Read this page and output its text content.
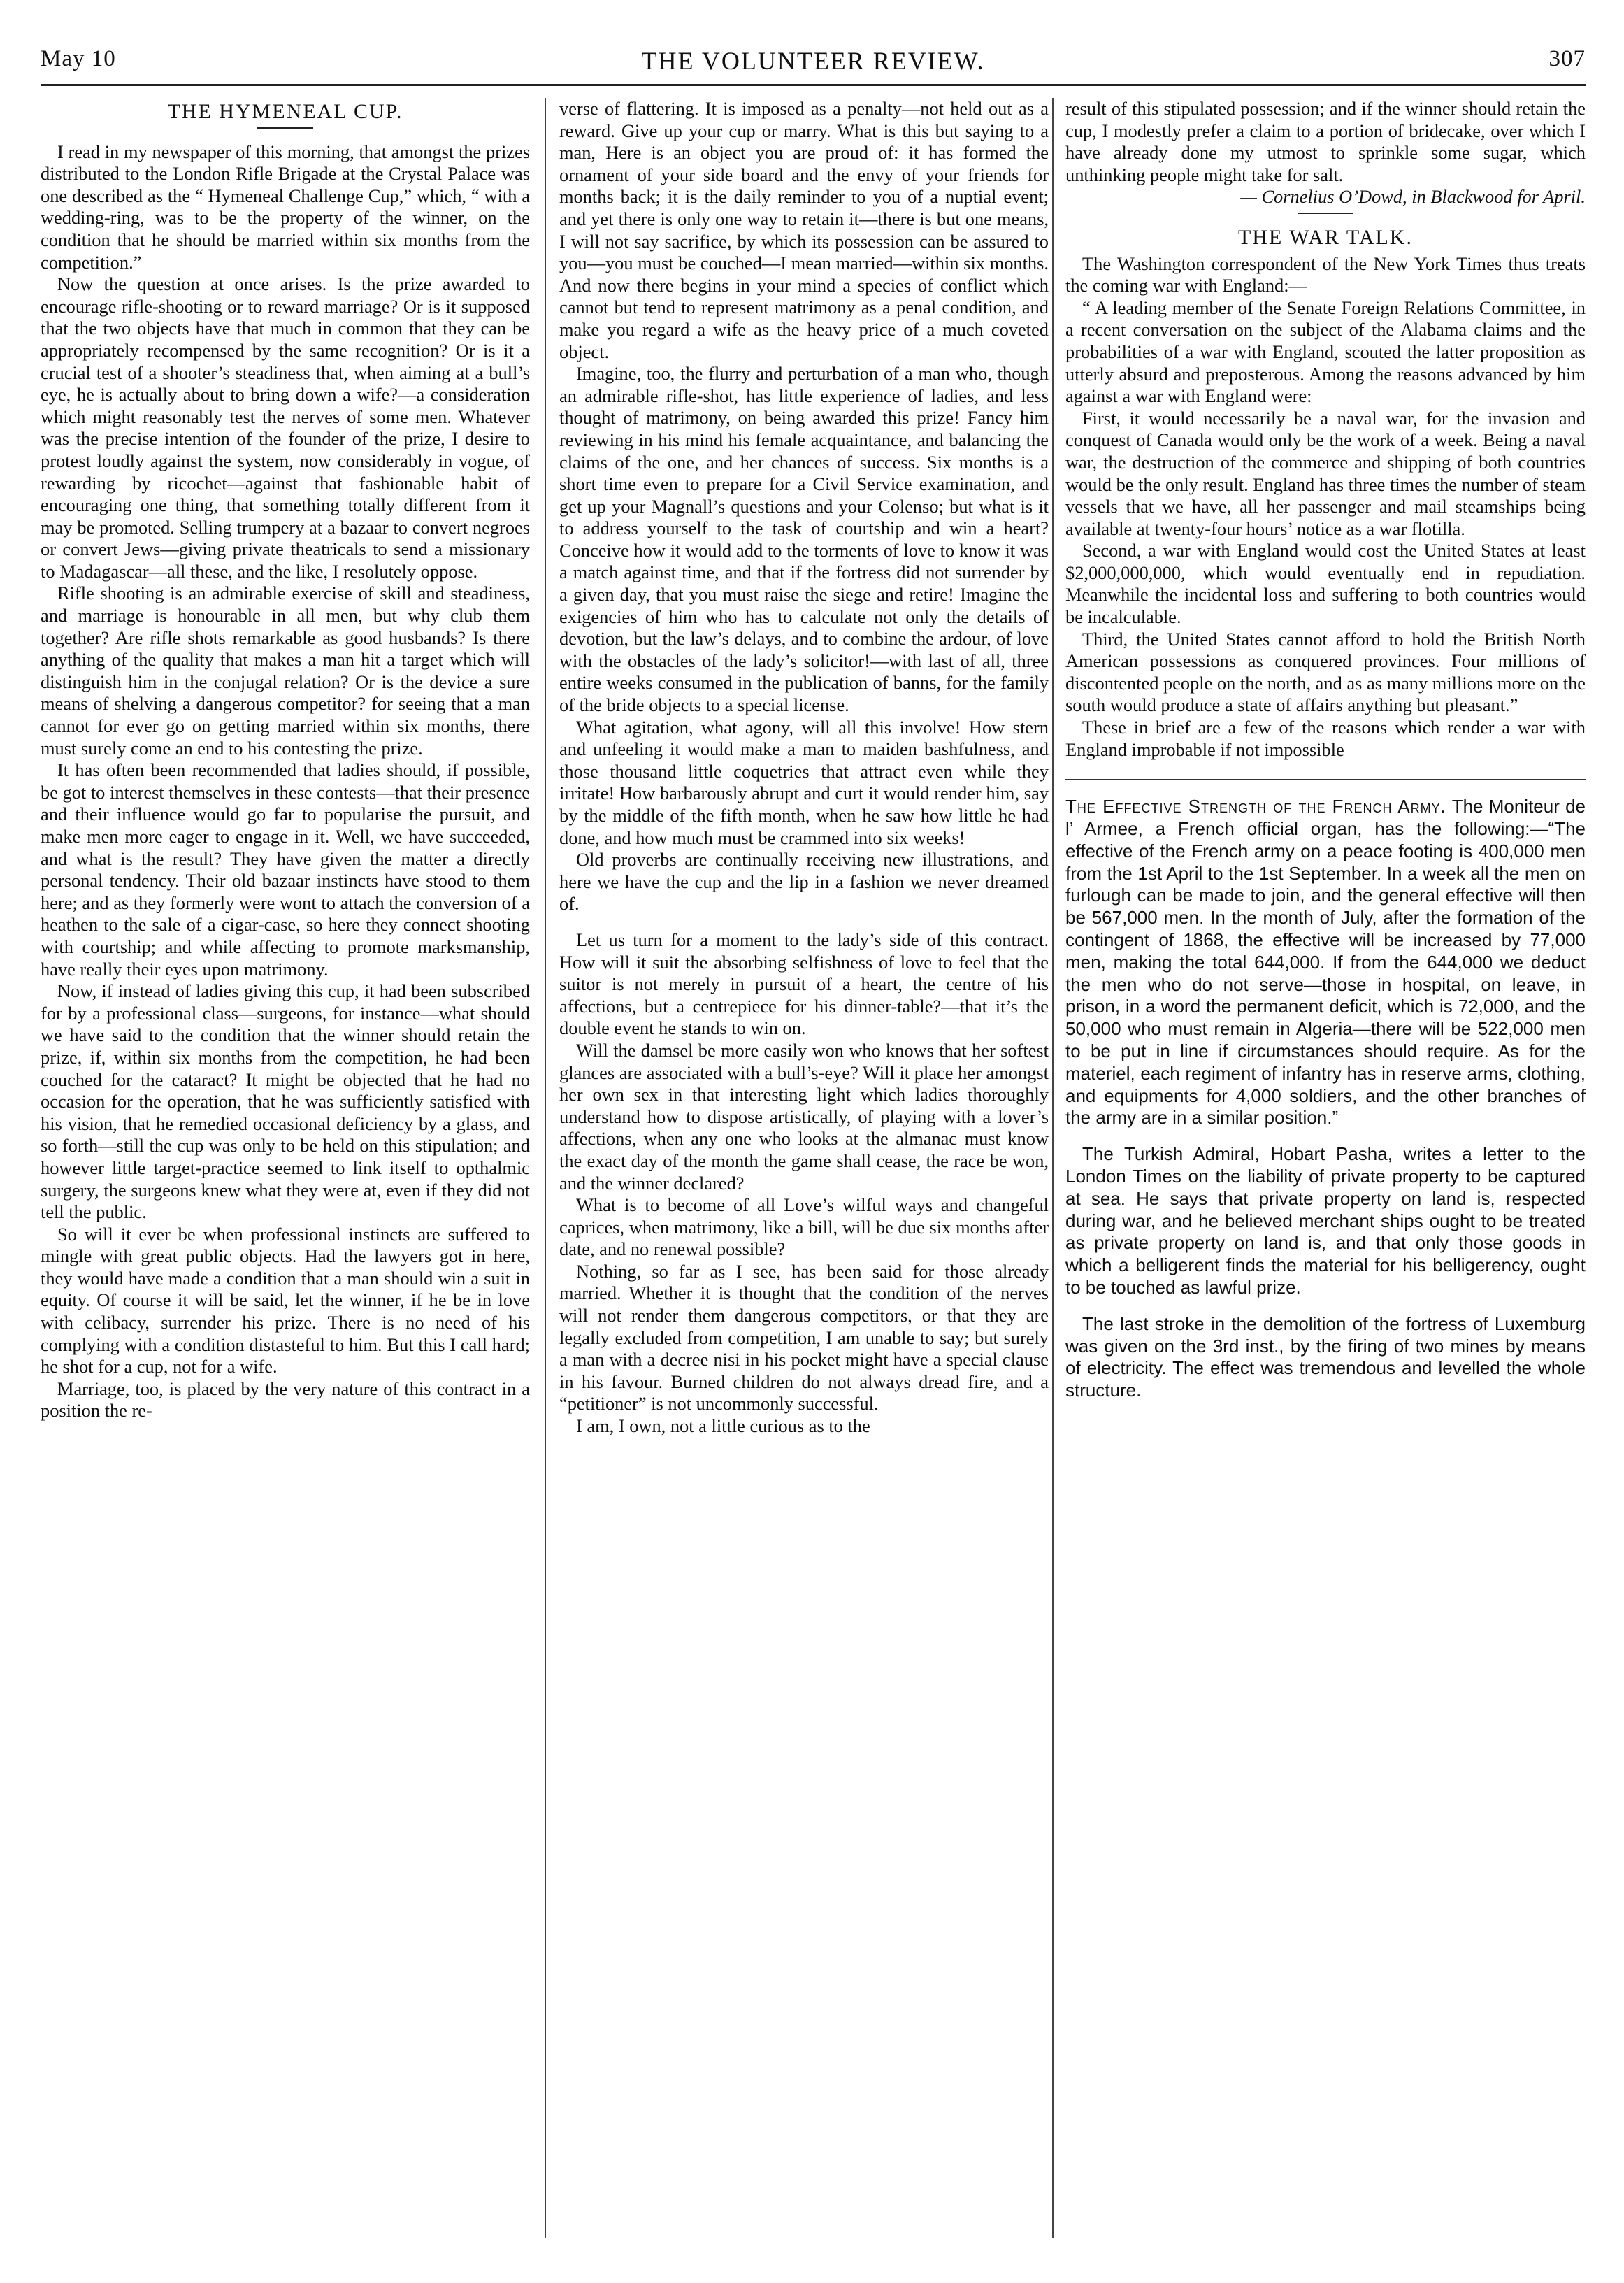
May 10	THE VOLUNTEER REVIEW.	307

THE HYMENEAL CUP.

I read in my newspaper of this morning, that amongst the prizes distributed to the London Rifle Brigade at the Crystal Palace was one described as the “ Hymeneal Challenge Cup,” which, “ with a wedding-ring, was to be the property of the winner, on the condition that he should be married within six months from the competition.”

Now the question at once arises. Is the prize awarded to encourage rifle-shooting or to reward marriage? Or is it supposed that the two objects have that much in common that they can be appropriately recompensed by the same recognition? Or is it a crucial test of a shooter’s steadiness that, when aiming at a bull’s eye, he is actually about to bring down a wife?—a consideration which might reasonably test the nerves of some men. Whatever was the precise intention of the founder of the prize, I desire to protest loudly against the system, now considerably in vogue, of rewarding by ricochet—against that fashionable habit of encouraging one thing, that something totally different from it may be promoted. Selling trumpery at a bazaar to convert negroes or convert Jews—giving private theatricals to send a missionary to Madagascar—all these, and the like, I resolutely oppose.

Rifle shooting is an admirable exercise of skill and steadiness, and marriage is honourable in all men, but why club them together? Are rifle shots remarkable as good husbands? Is there anything of the quality that makes a man hit a target which will distinguish him in the conjugal relation? Or is the device a sure means of shelving a dangerous competitor? for seeing that a man cannot for ever go on getting married within six months, there must surely come an end to his contesting the prize.

It has often been recommended that ladies should, if possible, be got to interest themselves in these contests—that their presence and their influence would go far to popularise the pursuit, and make men more eager to engage in it. Well, we have succeeded, and what is the result? They have given the matter a directly personal tendency. Their old bazaar instincts have stood to them here; and as they formerly were wont to attach the conversion of a heathen to the sale of a cigar-case, so here they connect shooting with courtship; and while affecting to promote marksmanship, have really their eyes upon matrimony.

Now, if instead of ladies giving this cup, it had been subscribed for by a professional class—surgeons, for instance—what should we have said to the condition that the winner should retain the prize, if, within six months from the competition, he had been couched for the cataract? It might be objected that he had no occasion for the operation, that he was sufficiently satisfied with his vision, that he remedied occasional deficiency by a glass, and so forth—still the cup was only to be held on this stipulation; and however little target-practice seemed to link itself to opthalmic surgery, the surgeons knew what they were at, even if they did not tell the public.

So will it ever be when professional instincts are suffered to mingle with great public objects. Had the lawyers got in here, they would have made a condition that a man should win a suit in equity. Of course it will be said, let the winner, if he be in love with celibacy, surrender his prize. There is no need of his complying with a condition distasteful to him. But this I call hard; he shot for a cup, not for a wife.

Marriage, too, is placed by the very nature of this contract in a position the re-

verse of flattering. It is imposed as a penalty—not held out as a reward. Give up your cup or marry. What is this but saying to a man, Here is an object you are proud of: it has formed the ornament of your side board and the envy of your friends for months back; it is the daily reminder to you of a nuptial event; and yet there is only one way to retain it—there is but one means, I will not say sacrifice, by which its possession can be assured to you—you must be couched—I mean married—within six months. And now there begins in your mind a species of conflict which cannot but tend to represent matrimony as a penal condition, and make you regard a wife as the heavy price of a much coveted object.

Imagine, too, the flurry and perturbation of a man who, though an admirable rifle-shot, has little experience of ladies, and less thought of matrimony, on being awarded this prize! Fancy him reviewing in his mind his female acquaintance, and balancing the claims of the one, and her chances of success. Six months is a short time even to prepare for a Civil Service examination, and get up your Magnall’s questions and your Colenso; but what is it to address yourself to the task of courtship and win a heart? Conceive how it would add to the torments of love to know it was a match against time, and that if the fortress did not surrender by a given day, that you must raise the siege and retire! Imagine the exigencies of him who has to calculate not only the details of devotion, but the law’s delays, and to combine the ardour, of love with the obstacles of the lady’s solicitor!—with last of all, three entire weeks consumed in the publication of banns, for the family of the bride objects to a special license.

What agitation, what agony, will all this involve! How stern and unfeeling it would make a man to maiden bashfulness, and those thousand little coquetries that attract even while they irritate! How barbarously abrupt and curt it would render him, say by the middle of the fifth month, when he saw how little he had done, and how much must be crammed into six weeks!

Old proverbs are continually receiving new illustrations, and here we have the cup and the lip in a fashion we never dreamed of.

Let us turn for a moment to the lady’s side of this contract. How will it suit the absorbing selfishness of love to feel that the suitor is not merely in pursuit of a heart, the centre of his affections, but a centrepiece for his dinner-table?—that it’s the double event he stands to win on.

Will the damsel be more easily won who knows that her softest glances are associated with a bull’s-eye? Will it place her amongst her own sex in that interesting light which ladies thoroughly understand how to dispose artistically, of playing with a lover’s affections, when any one who looks at the almanac must know the exact day of the month the game shall cease, the race be won, and the winner declared?

What is to become of all Love’s wilful ways and changeful caprices, when matrimony, like a bill, will be due six months after date, and no renewal possible?

Nothing, so far as I see, has been said for those already married. Whether it is thought that the condition of the nerves will not render them dangerous competitors, or that they are legally excluded from competition, I am unable to say; but surely a man with a decree nisi in his pocket might have a special clause in his favour. Burned children do not always dread fire, and a “petitioner” is not uncommonly successful.

I am, I own, not a little curious as to the

result of this stipulated possession; and if the winner should retain the cup, I modestly prefer a claim to a portion of bridecake, over which I have already done my utmost to sprinkle some sugar, which unthinking people might take for salt.

— Cornelius O’Dowd, in Blackwood for April.

THE WAR TALK.

The Washington correspondent of the New York Times thus treats the coming war with England:—

“ A leading member of the Senate Foreign Relations Committee, in a recent conversation on the subject of the Alabama claims and the probabilities of a war with England, scouted the latter proposition as utterly absurd and preposterous. Among the reasons advanced by him against a war with England were:

First, it would necessarily be a naval war, for the invasion and conquest of Canada would only be the work of a week. Being a naval war, the destruction of the commerce and shipping of both countries would be the only result. England has three times the number of steam vessels that we have, all her passenger and mail steamships being available at twenty-four hours’ notice as a war flotilla.

Second, a war with England would cost the United States at least $2,000,000,000, which would eventually end in repudiation. Meanwhile the incidental loss and suffering to both countries would be incalculable.

Third, the United States cannot afford to hold the British North American possessions as conquered provinces. Four millions of discontented people on the north, and as as many millions more on the south would produce a state of affairs anything but pleasant.”

These in brief are a few of the reasons which render a war with England improbable if not impossible

The Effective Strength of the French Army. The Moniteur de l’ Armee, a French official organ, has the following:—“The effective of the French army on a peace footing is 400,000 men from the 1st April to the 1st September. In a week all the men on furlough can be made to join, and the general effective will then be 567,000 men. In the month of July, after the formation of the contingent of 1868, the effective will be increased by 77,000 men, making the total 644,000. If from the 644,000 we deduct the men who do not serve—those in hospital, on leave, in prison, in a word the permanent deficit, which is 72,000, and the 50,000 who must remain in Algeria—there will be 522,000 men to be put in line if circumstances should require. As for the materiel, each regiment of infantry has in reserve arms, clothing, and equipments for 4,000 soldiers, and the other branches of the army are in a similar position.”

The Turkish Admiral, Hobart Pasha, writes a letter to the London Times on the liability of private property to be captured at sea. He says that private property on land is, respected during war, and he believed merchant ships ought to be treated as private property on land is, and that only those goods in which a belligerent finds the material for his belligerency, ought to be touched as lawful prize.

The last stroke in the demolition of the fortress of Luxemburg was given on the 3rd inst., by the firing of two mines by means of electricity. The effect was tremendous and levelled the whole structure.
